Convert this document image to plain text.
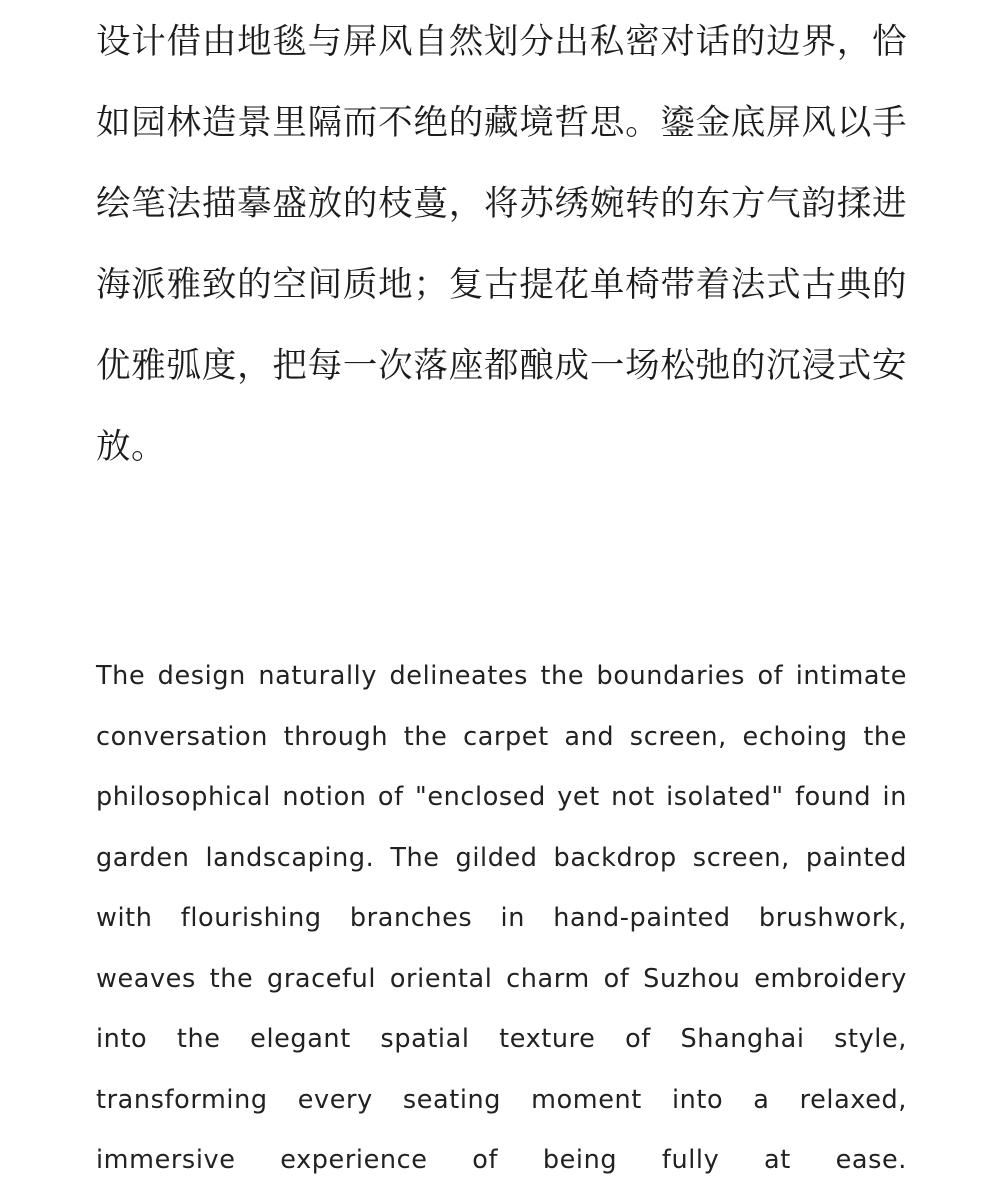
设计借由地毯与屏风自然划分出私密对话的边界，恰如园林造景里隔而不绝的藏境哲思。鎏金底屏风以手绘笔法描摹盛放的枝蔓，将苏绣婉转的东方气韵揉进海派雅致的空间质地；复古提花单椅带着法式古典的优雅弧度，把每一次落座都酿成一场松弛的沉浸式安放。

The design naturally delineates the boundaries of intimate conversation through the carpet and screen, echoing the philosophical notion of "enclosed yet not isolated" found in garden landscaping. The gilded backdrop screen, painted with flourishing branches in hand-painted brushwork, weaves the graceful oriental charm of Suzhou embroidery into the elegant spatial texture of Shanghai style, transforming every seating moment into a relaxed, immersive experience of being fully at ease.
